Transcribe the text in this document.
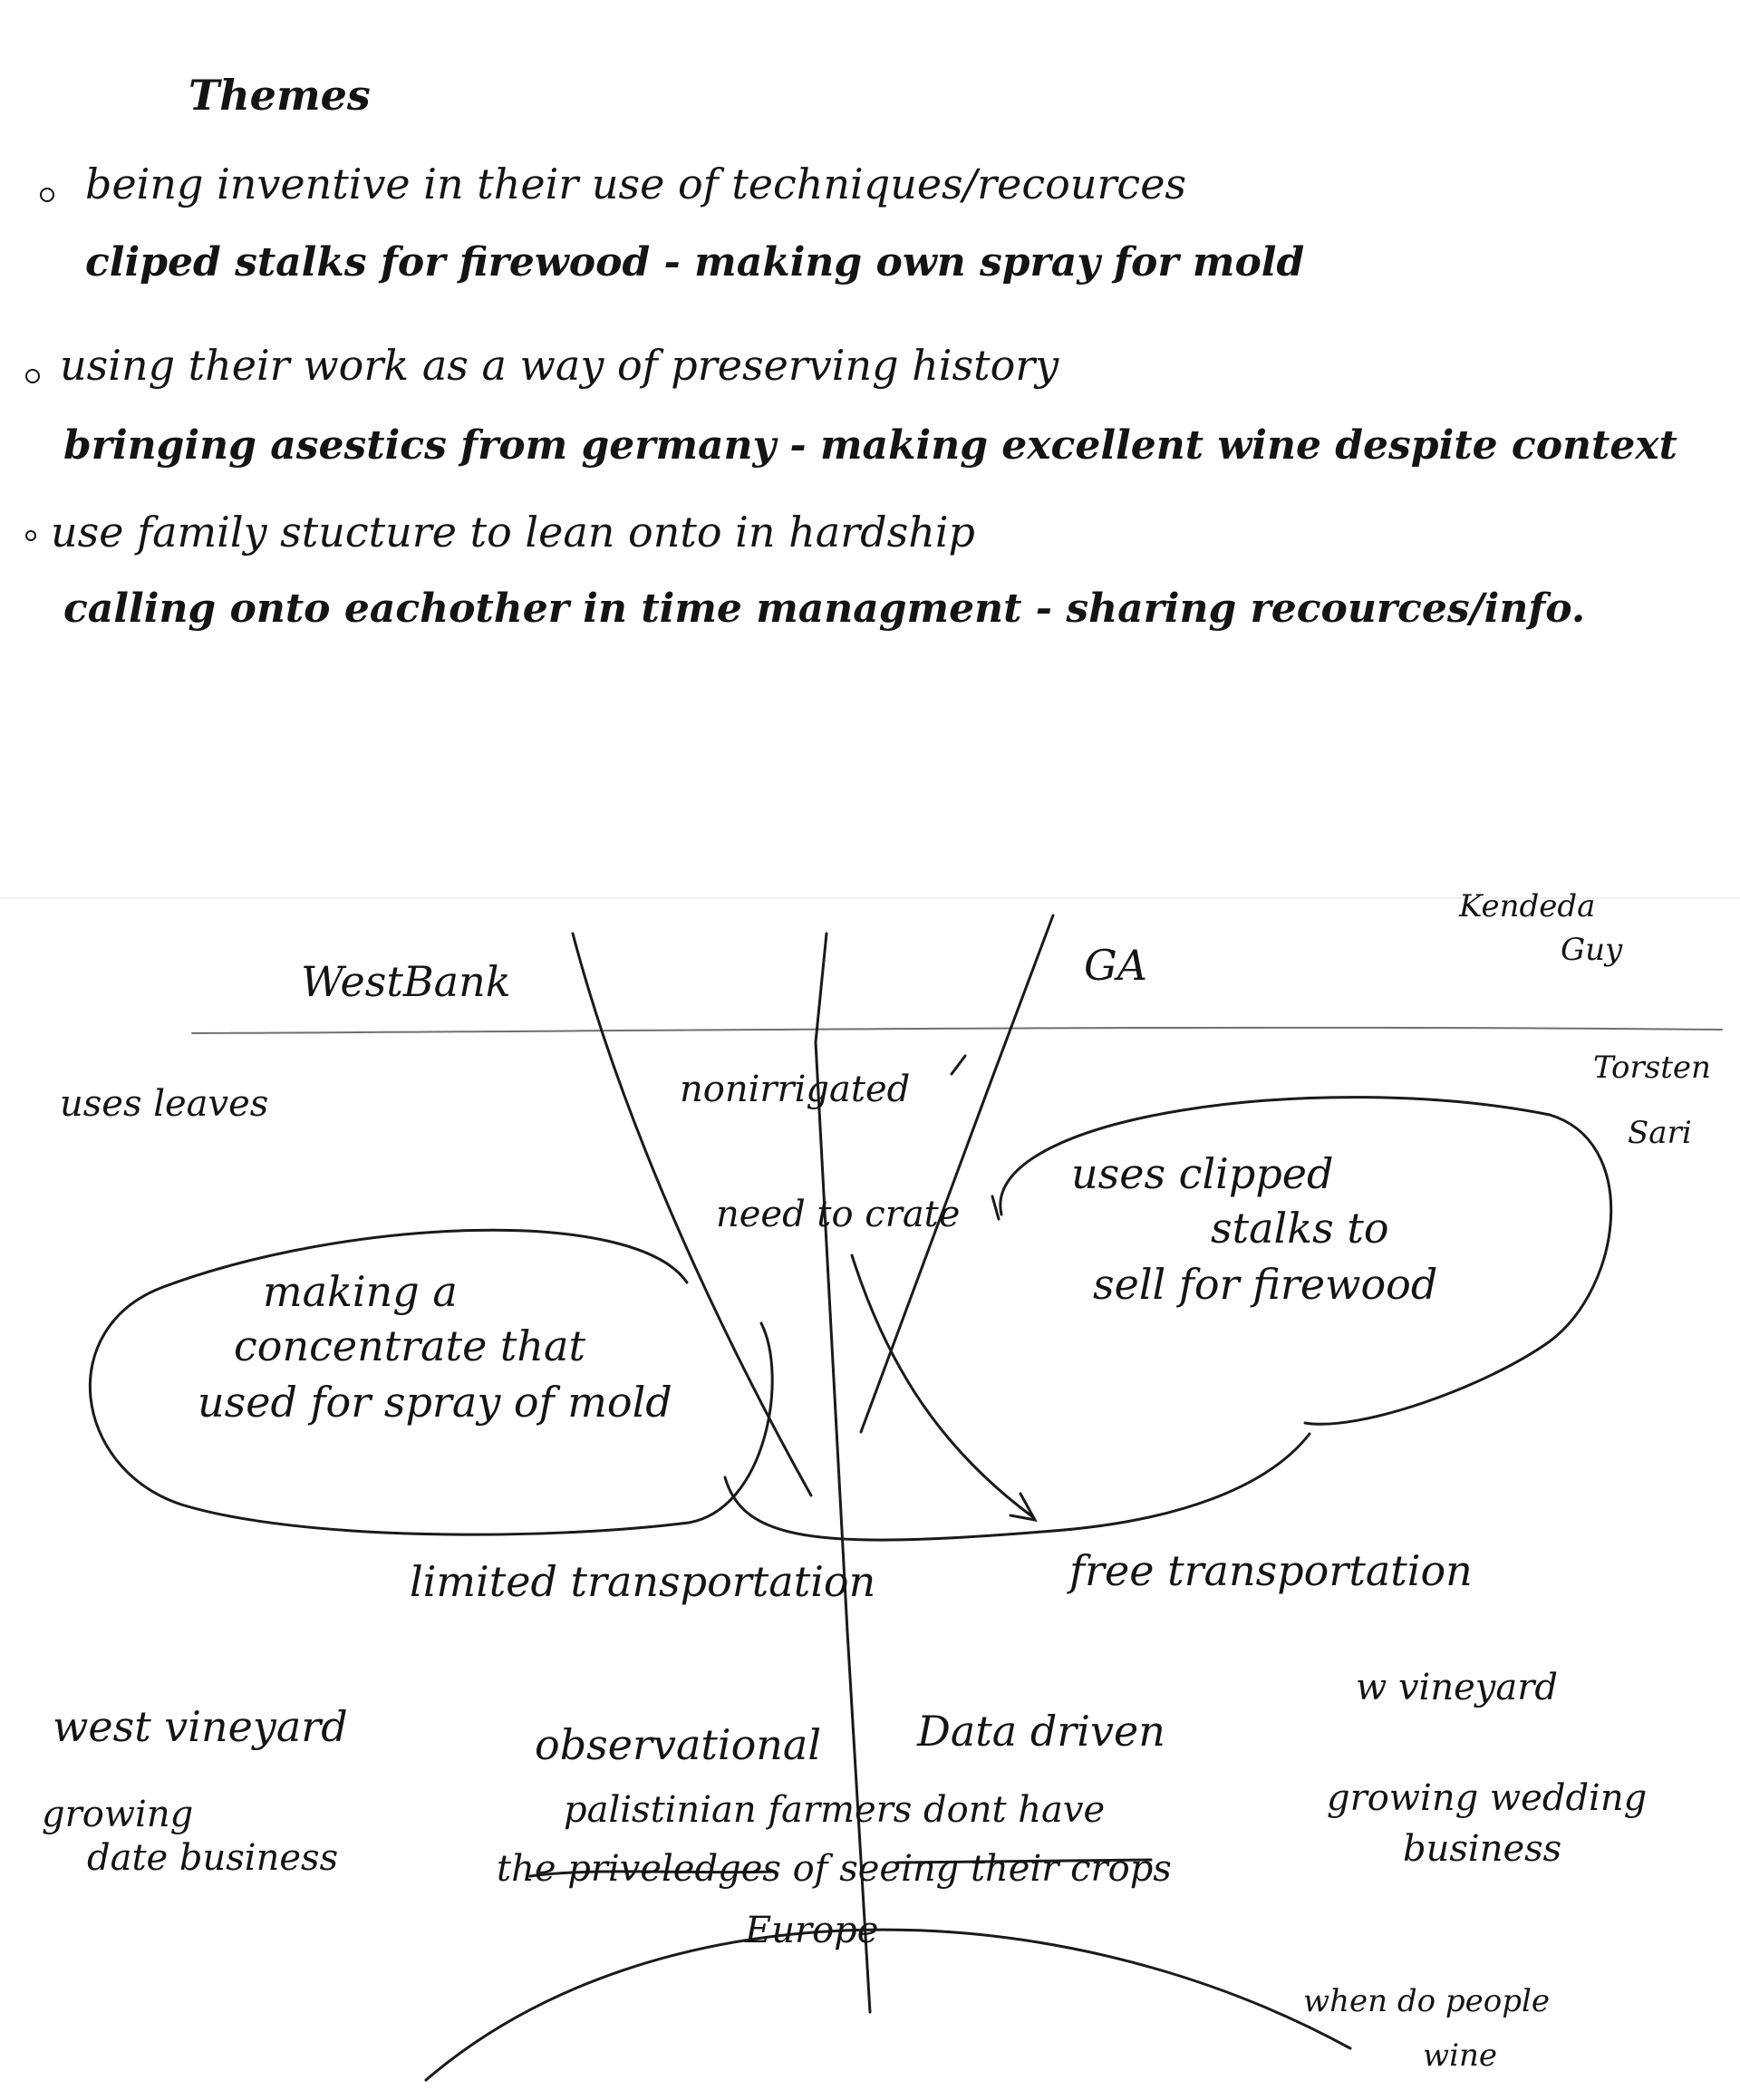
Themes
being inventive in their use of techniques/recources
cliped stalks for firewood - making own spray for mold
using their work as a way of preserving history
bringing asestics from germany - making excellent wine despite context
use family stucture to lean onto in hardship
calling onto eachother in time managment - sharing recources/info.
WestBank	GA
Kendeda
Guy
Torsten
Sari
uses leaves	nonirrigated
need to crate
making a
concentrate that
used for spray of mold
uses clipped
stalks to
sell for firewood
limited transportation	free transportation
west vineyard
growing
date business
w vineyard
growing wedding
business
observational Data driven
palistinian farmers dont have
the priveledges of seeing their crops
Europe
when do people
wine
